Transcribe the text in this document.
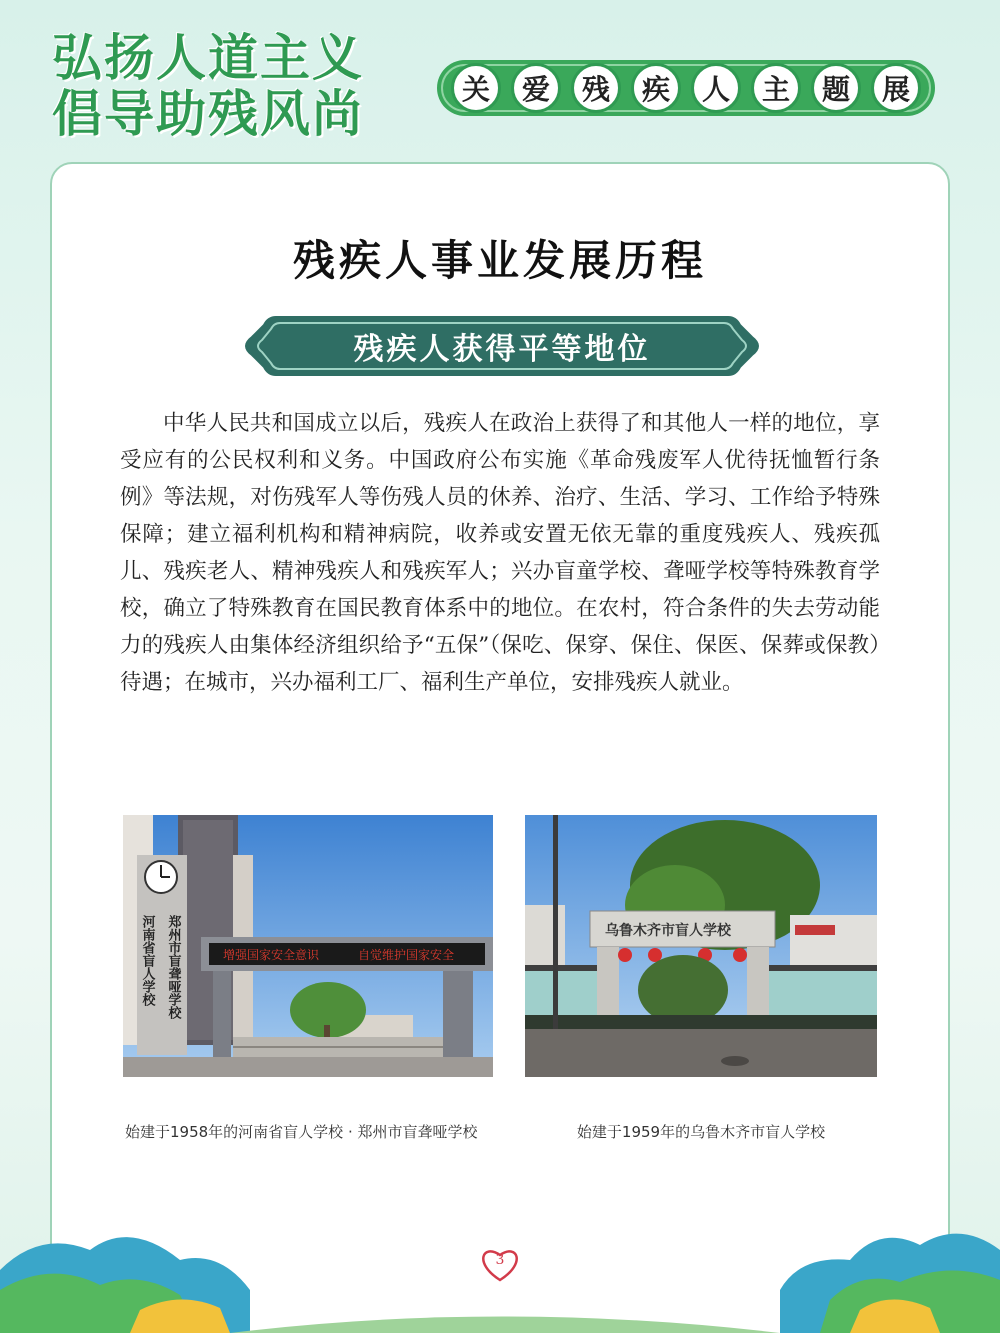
弘扬人道主义
倡导助残风尚	关	爱	残	疾	人	主	题	展
残疾人事业发展历程
残疾人获得平等地位

中华人民共和国成立以后，残疾人在政治上获得了和其他人一样的地位，享受应有的公民权利和义务。中国政府公布实施《革命残废军人优待抚恤暂行条例》等法规，对伤残军人等伤残人员的休养、治疗、生活、学习、工作给予特殊保障；建立福利机构和精神病院，收养或安置无依无靠的重度残疾人、残疾孤儿、残疾老人、精神残疾人和残疾军人；兴办盲童学校、聋哑学校等特殊教育学校，确立了特殊教育在国民教育体系中的地位。在农村，符合条件的失去劳动能力的残疾人由集体经济组织给予“五保”（保吃、保穿、保住、保医、保葬或保教）待遇；在城市，兴办福利工厂、福利生产单位，安排残疾人就业。

河南省盲人学校 郑州市盲聋哑学校	增强国家安全意识	自觉维护国家安全
始建于1958年的河南省盲人学校 · 郑州市盲聋哑学校
乌鲁木齐市盲人学校
始建于1959年的乌鲁木齐市盲人学校
3
